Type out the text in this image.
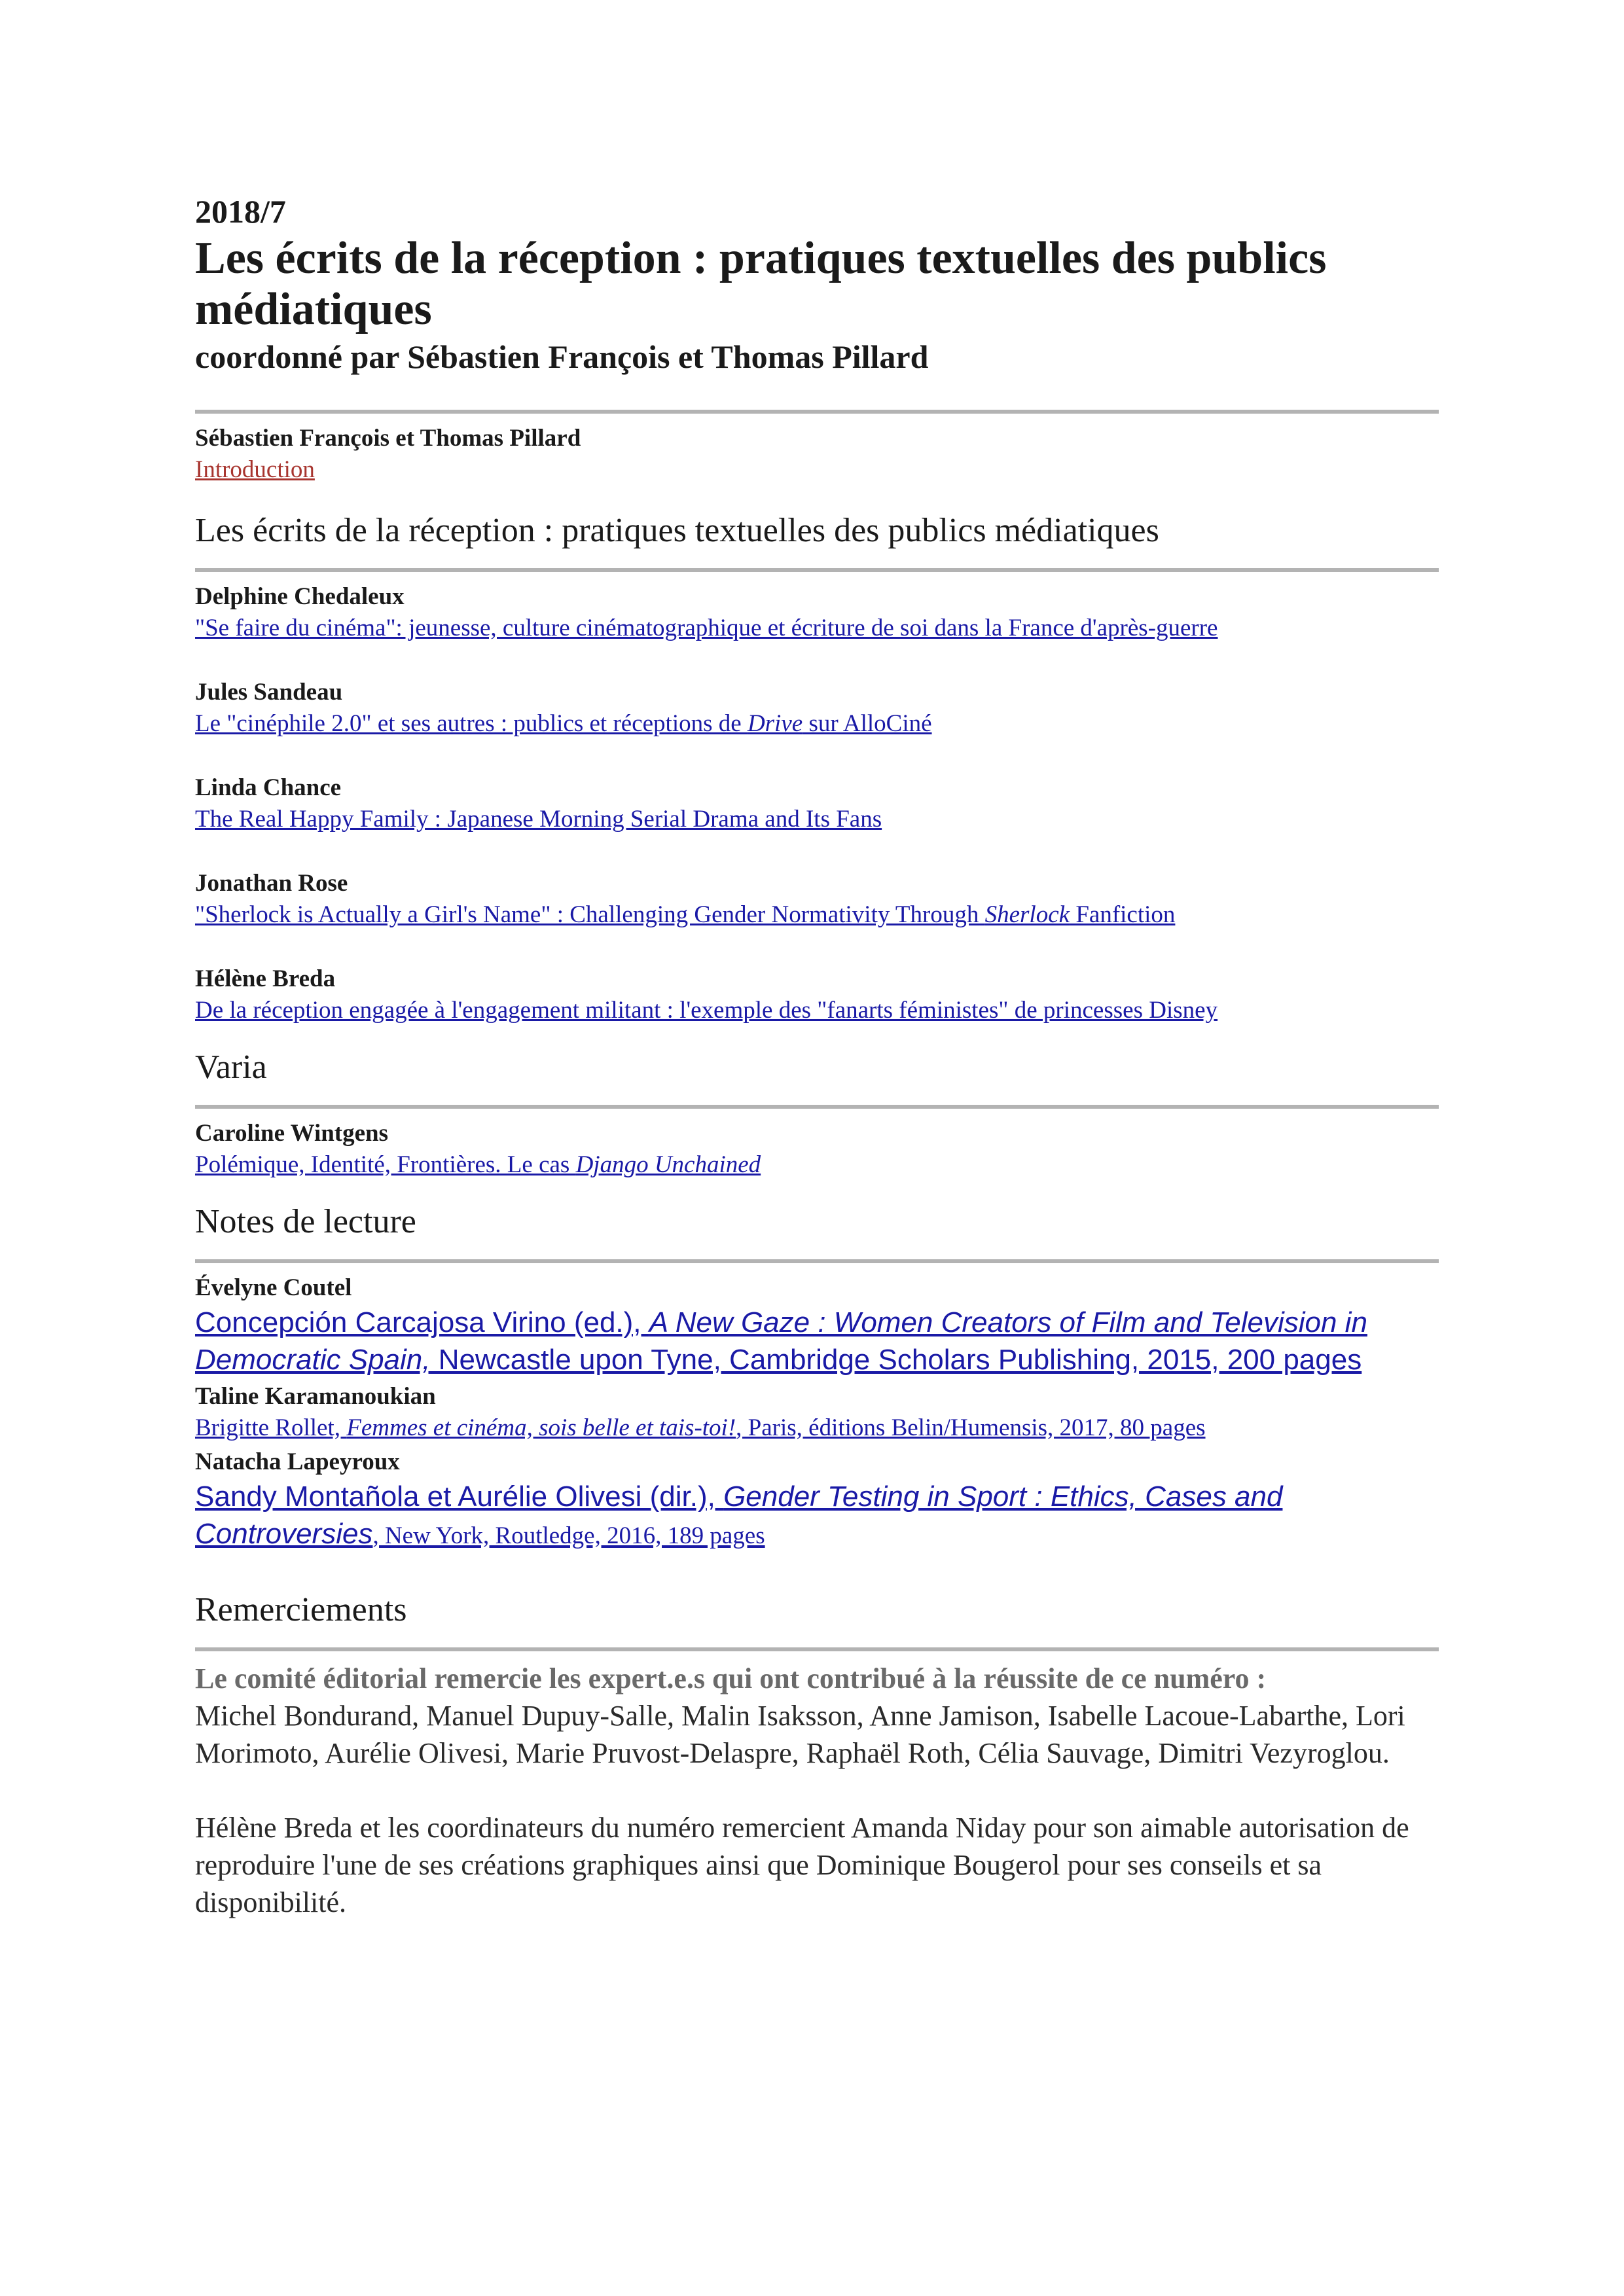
2018/7
Les écrits de la réception : pratiques textuelles des publics médiatiques
coordonné par Sébastien François et Thomas Pillard
Sébastien François et Thomas Pillard
Introduction
Les écrits de la réception : pratiques textuelles des publics médiatiques
Delphine Chedaleux
"Se faire du cinéma": jeunesse, culture cinématographique et écriture de soi dans la France d'après-guerre
Jules Sandeau
Le "cinéphile 2.0" et ses autres : publics et réceptions de Drive sur AlloCiné
Linda Chance
The Real Happy Family : Japanese Morning Serial Drama and Its Fans
Jonathan Rose
"Sherlock is Actually a Girl's Name" : Challenging Gender Normativity Through Sherlock Fanfiction
Hélène Breda
De la réception engagée à l'engagement militant : l'exemple des "fanarts féministes" de princesses Disney
Varia
Caroline Wintgens
Polémique, Identité, Frontières. Le cas Django Unchained
Notes de lecture
Évelyne Coutel
Concepción Carcajosa Virino (ed.), A New Gaze : Women Creators of Film and Television in Democratic Spain, Newcastle upon Tyne, Cambridge Scholars Publishing, 2015, 200 pages
Taline Karamanoukian
Brigitte Rollet, Femmes et cinéma, sois belle et tais-toi!, Paris, éditions Belin/Humensis, 2017, 80 pages
Natacha Lapeyroux
Sandy Montañola et Aurélie Olivesi (dir.), Gender Testing in Sport : Ethics, Cases and Controversies, New York, Routledge, 2016, 189 pages
Remerciements
Le comité éditorial remercie les expert.e.s qui ont contribué à la réussite de ce numéro :
Michel Bondurand, Manuel Dupuy-Salle, Malin Isaksson, Anne Jamison, Isabelle Lacoue-Labarthe, Lori Morimoto, Aurélie Olivesi, Marie Pruvost-Delaspre, Raphaël Roth, Célia Sauvage, Dimitri Vezyroglou.
Hélène Breda et les coordinateurs du numéro remercient Amanda Niday pour son aimable autorisation de reproduire l'une de ses créations graphiques ainsi que Dominique Bougerol pour ses conseils et sa disponibilité.
